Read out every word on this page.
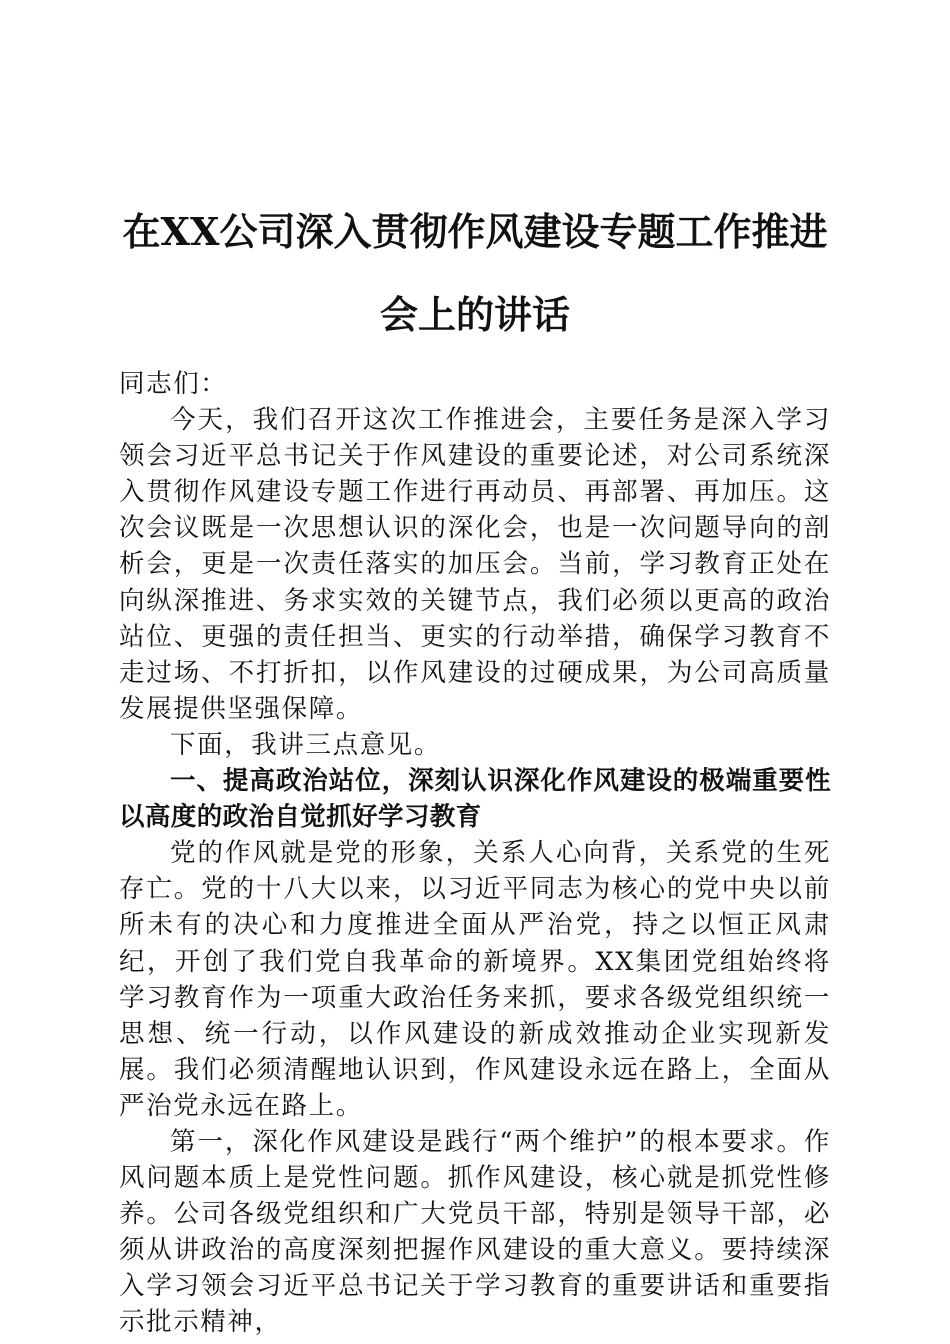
在XX公司深入贯彻作风建设专题工作推进会上的讲话

同志们：

今天，我们召开这次工作推进会，主要任务是深入学习领会习近平总书记关于作风建设的重要论述，对公司系统深入贯彻作风建设专题工作进行再动员、再部署、再加压。这次会议既是一次思想认识的深化会，也是一次问题导向的剖析会，更是一次责任落实的加压会。当前，学习教育正处在向纵深推进、务求实效的关键节点，我们必须以更高的政治站位、更强的责任担当、更实的行动举措，确保学习教育不走过场、不打折扣，以作风建设的过硬成果，为公司高质量发展提供坚强保障。

下面，我讲三点意见。

一、提高政治站位，深刻认识深化作风建设的极端重要性以高度的政治自觉抓好学习教育

党的作风就是党的形象，关系人心向背，关系党的生死存亡。党的十八大以来，以习近平同志为核心的党中央以前所未有的决心和力度推进全面从严治党，持之以恒正风肃纪，开创了我们党自我革命的新境界。XX集团党组始终将学习教育作为一项重大政治任务来抓，要求各级党组织统一思想、统一行动，以作风建设的新成效推动企业实现新发展。我们必须清醒地认识到，作风建设永远在路上，全面从严治党永远在路上。

第一，深化作风建设是践行“两个维护”的根本要求。作风问题本质上是党性问题。抓作风建设，核心就是抓党性修养。公司各级党组织和广大党员干部，特别是领导干部，必须从讲政治的高度深刻把握作风建设的重大意义。要持续深入学习领会习近平总书记关于学习教育的重要讲话和重要指示批示精神，
